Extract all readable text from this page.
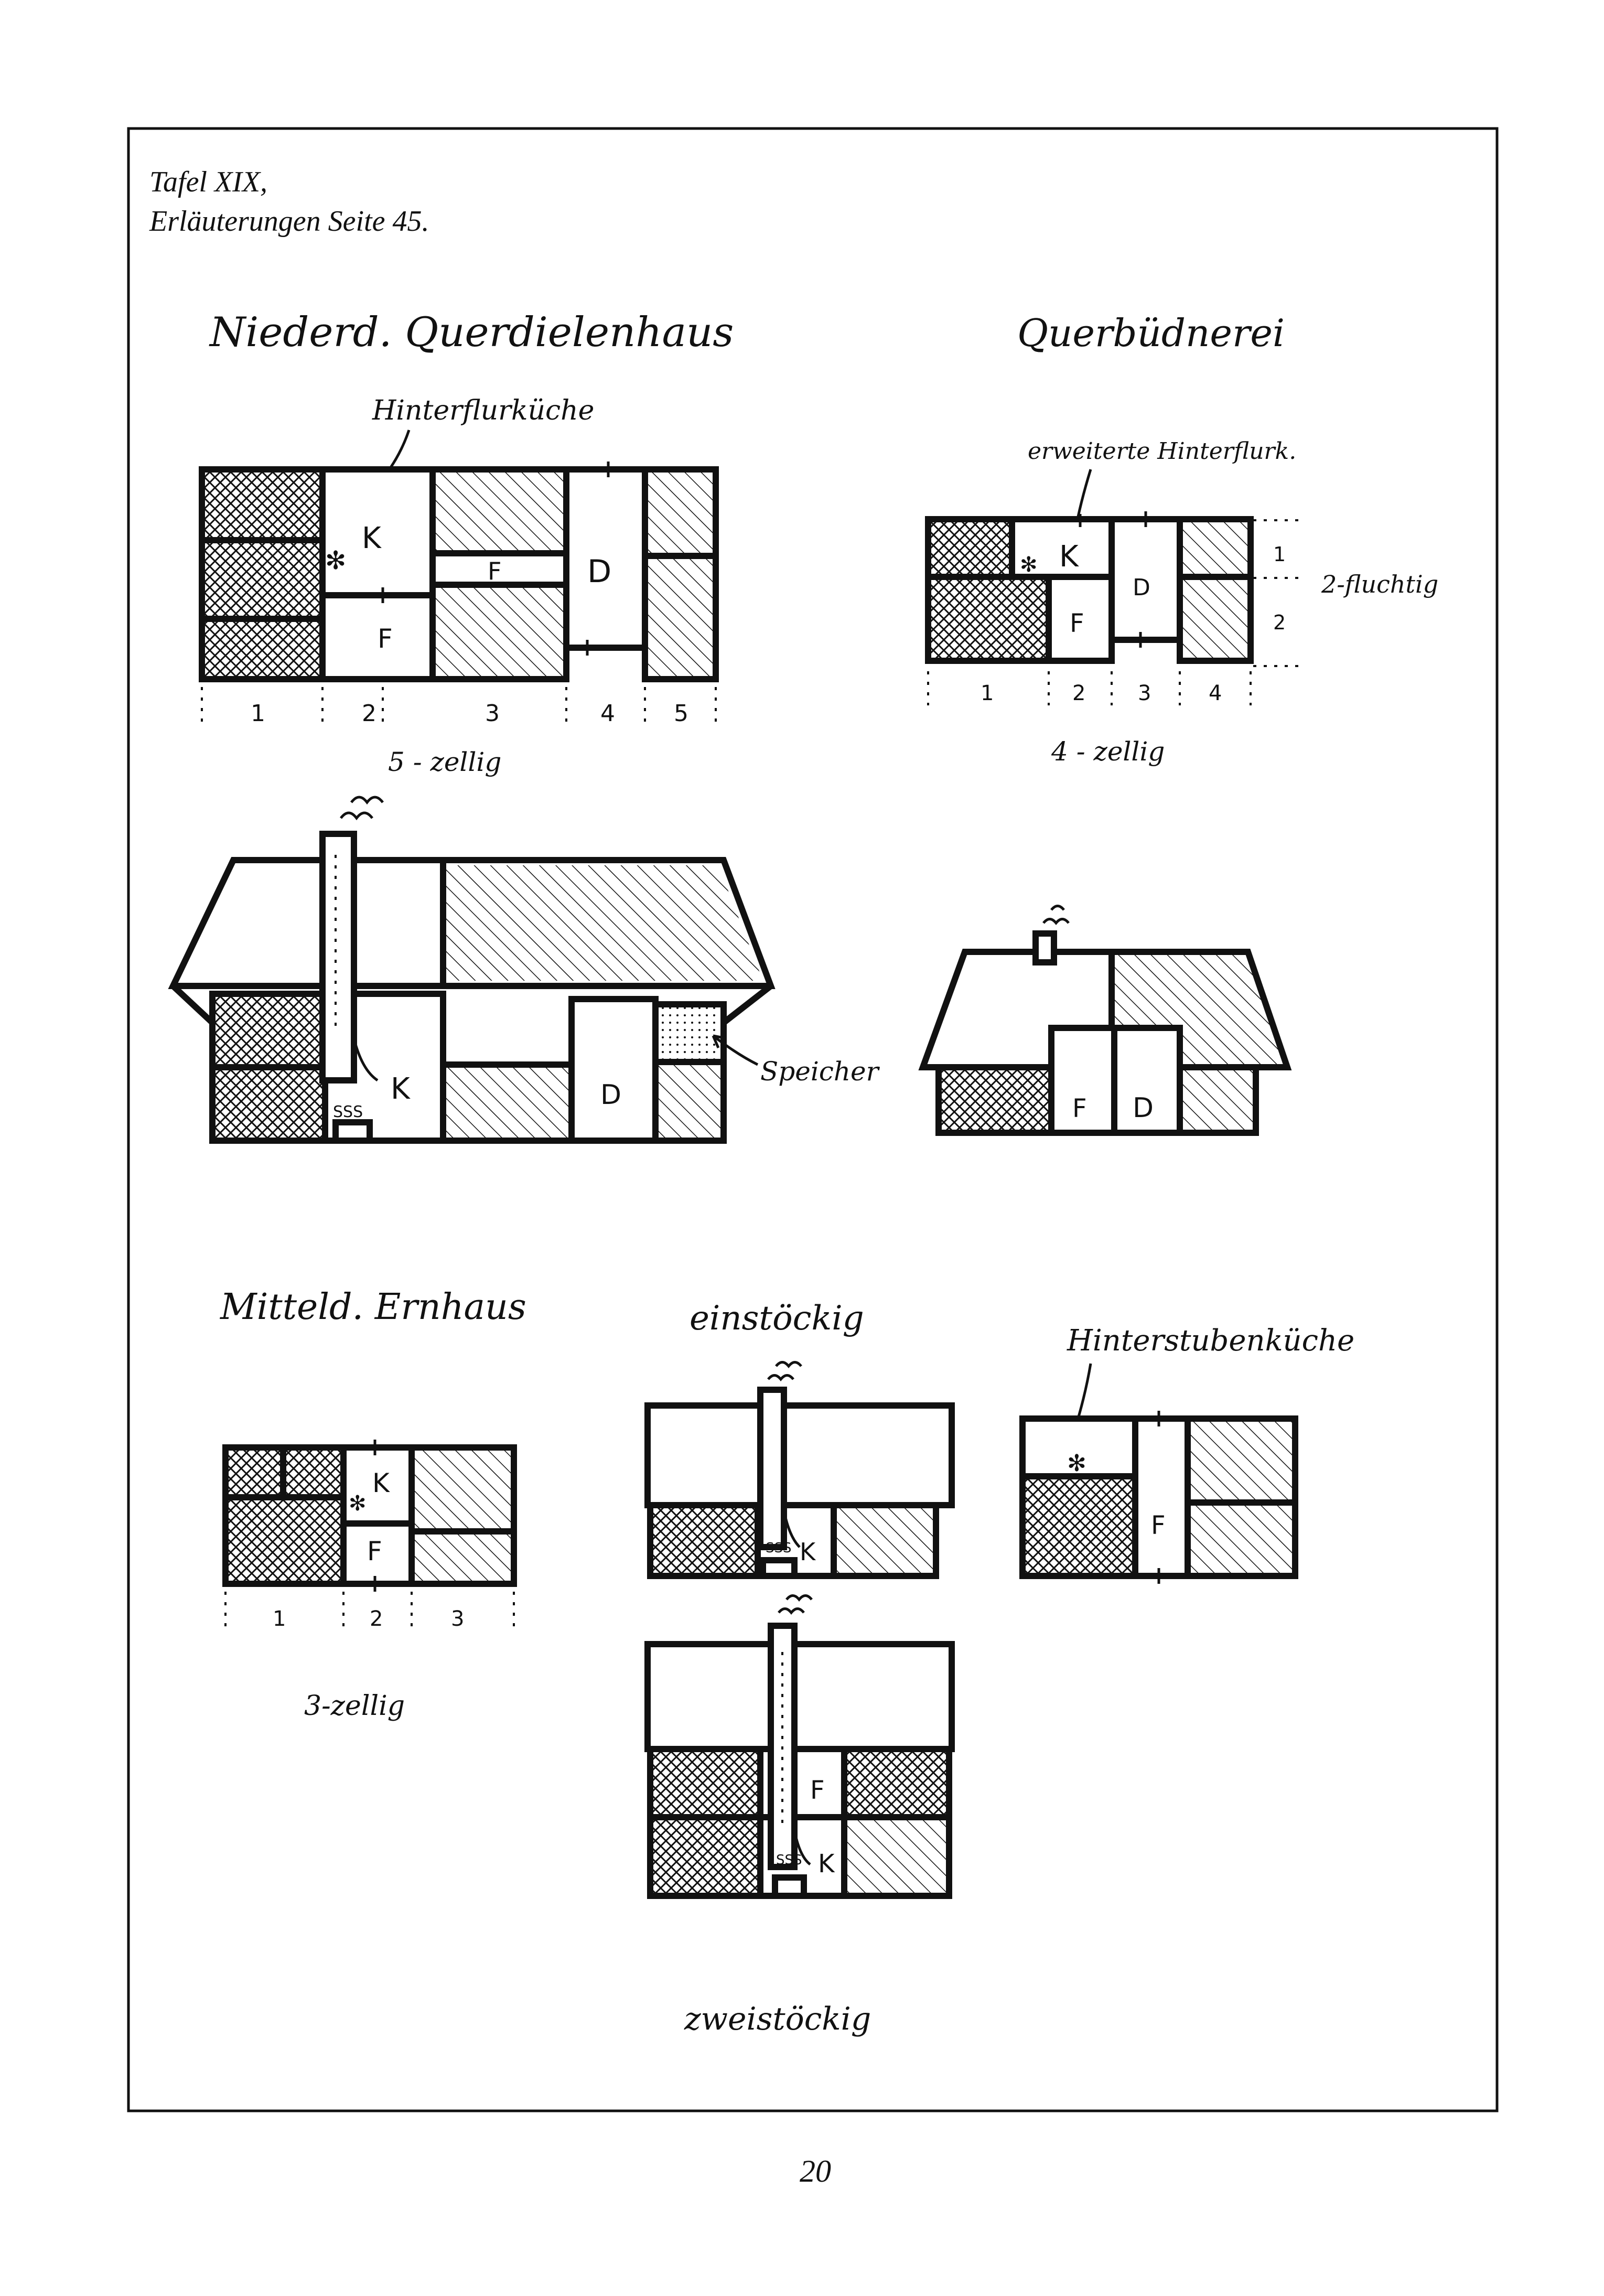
Tafel XIX,
Erläuterungen Seite 45.
Niederd. Querdielenhaus
Hinterflurküche
K
✻	F
F
D
1	2	3	4	5
5 - zellig
Querbüdnerei
erweiterte Hinterflurk.
K
✻
F
D
1
2
2-fluchtig
1	2 3	4
4 - zellig
K
SSS
D
Speicher
F D
Mitteld. Ernhaus
K
✻
F
1	2	3
3-zellig
einstöckig
K
SSS
Hinterstubenküche
✻
F
zweistöckig
F
K
SSS
20
